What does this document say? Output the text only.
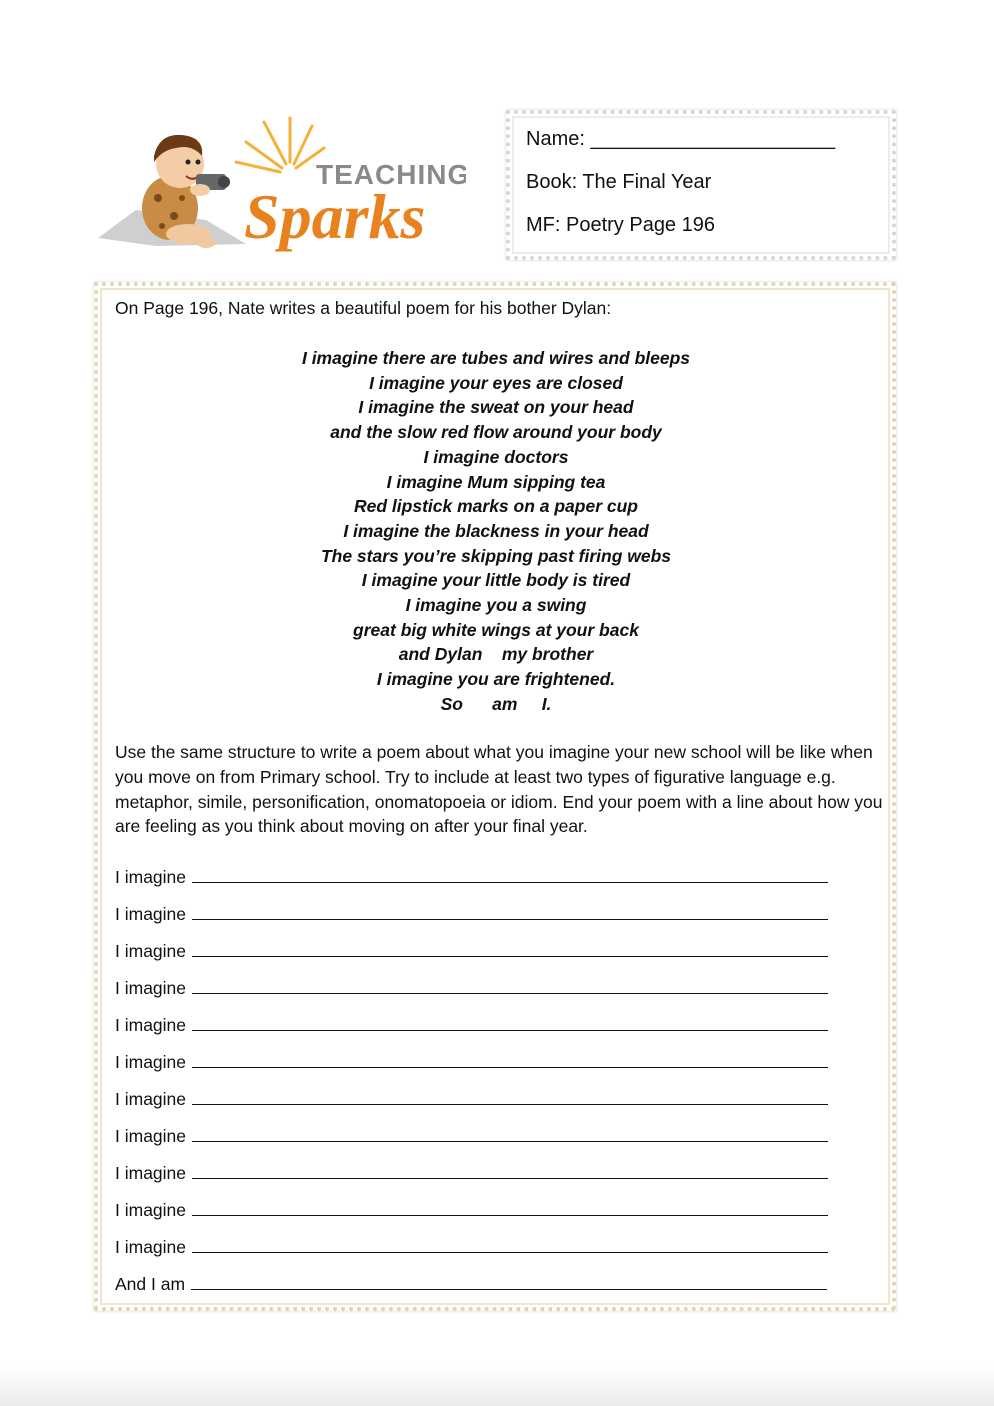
TEACHING
Sparks
Name: ______________________
Book: The Final Year
MF: Poetry Page 196
On Page 196, Nate writes a beautiful poem for his bother Dylan:
I imagine there are tubes and wires and bleeps
I imagine your eyes are closed
I imagine the sweat on your head
and the slow red flow around your body
I imagine doctors
I imagine Mum sipping tea
Red lipstick marks on a paper cup
I imagine the blackness in your head
The stars you’re skipping past firing webs
I imagine your little body is tired
I imagine you a swing
great big white wings at your back
and Dylan    my brother
I imagine you are frightened.
So      am     I.
Use the same structure to write a poem about what you imagine your new school will be like when you move on from Primary school. Try to include at least two types of figurative language e.g. metaphor, simile, personification, onomatopoeia or idiom. End your poem with a line about how you are feeling as you think about moving on after your final year.
I imagine
I imagine
I imagine
I imagine
I imagine
I imagine
I imagine
I imagine
I imagine
I imagine
I imagine
And I am
